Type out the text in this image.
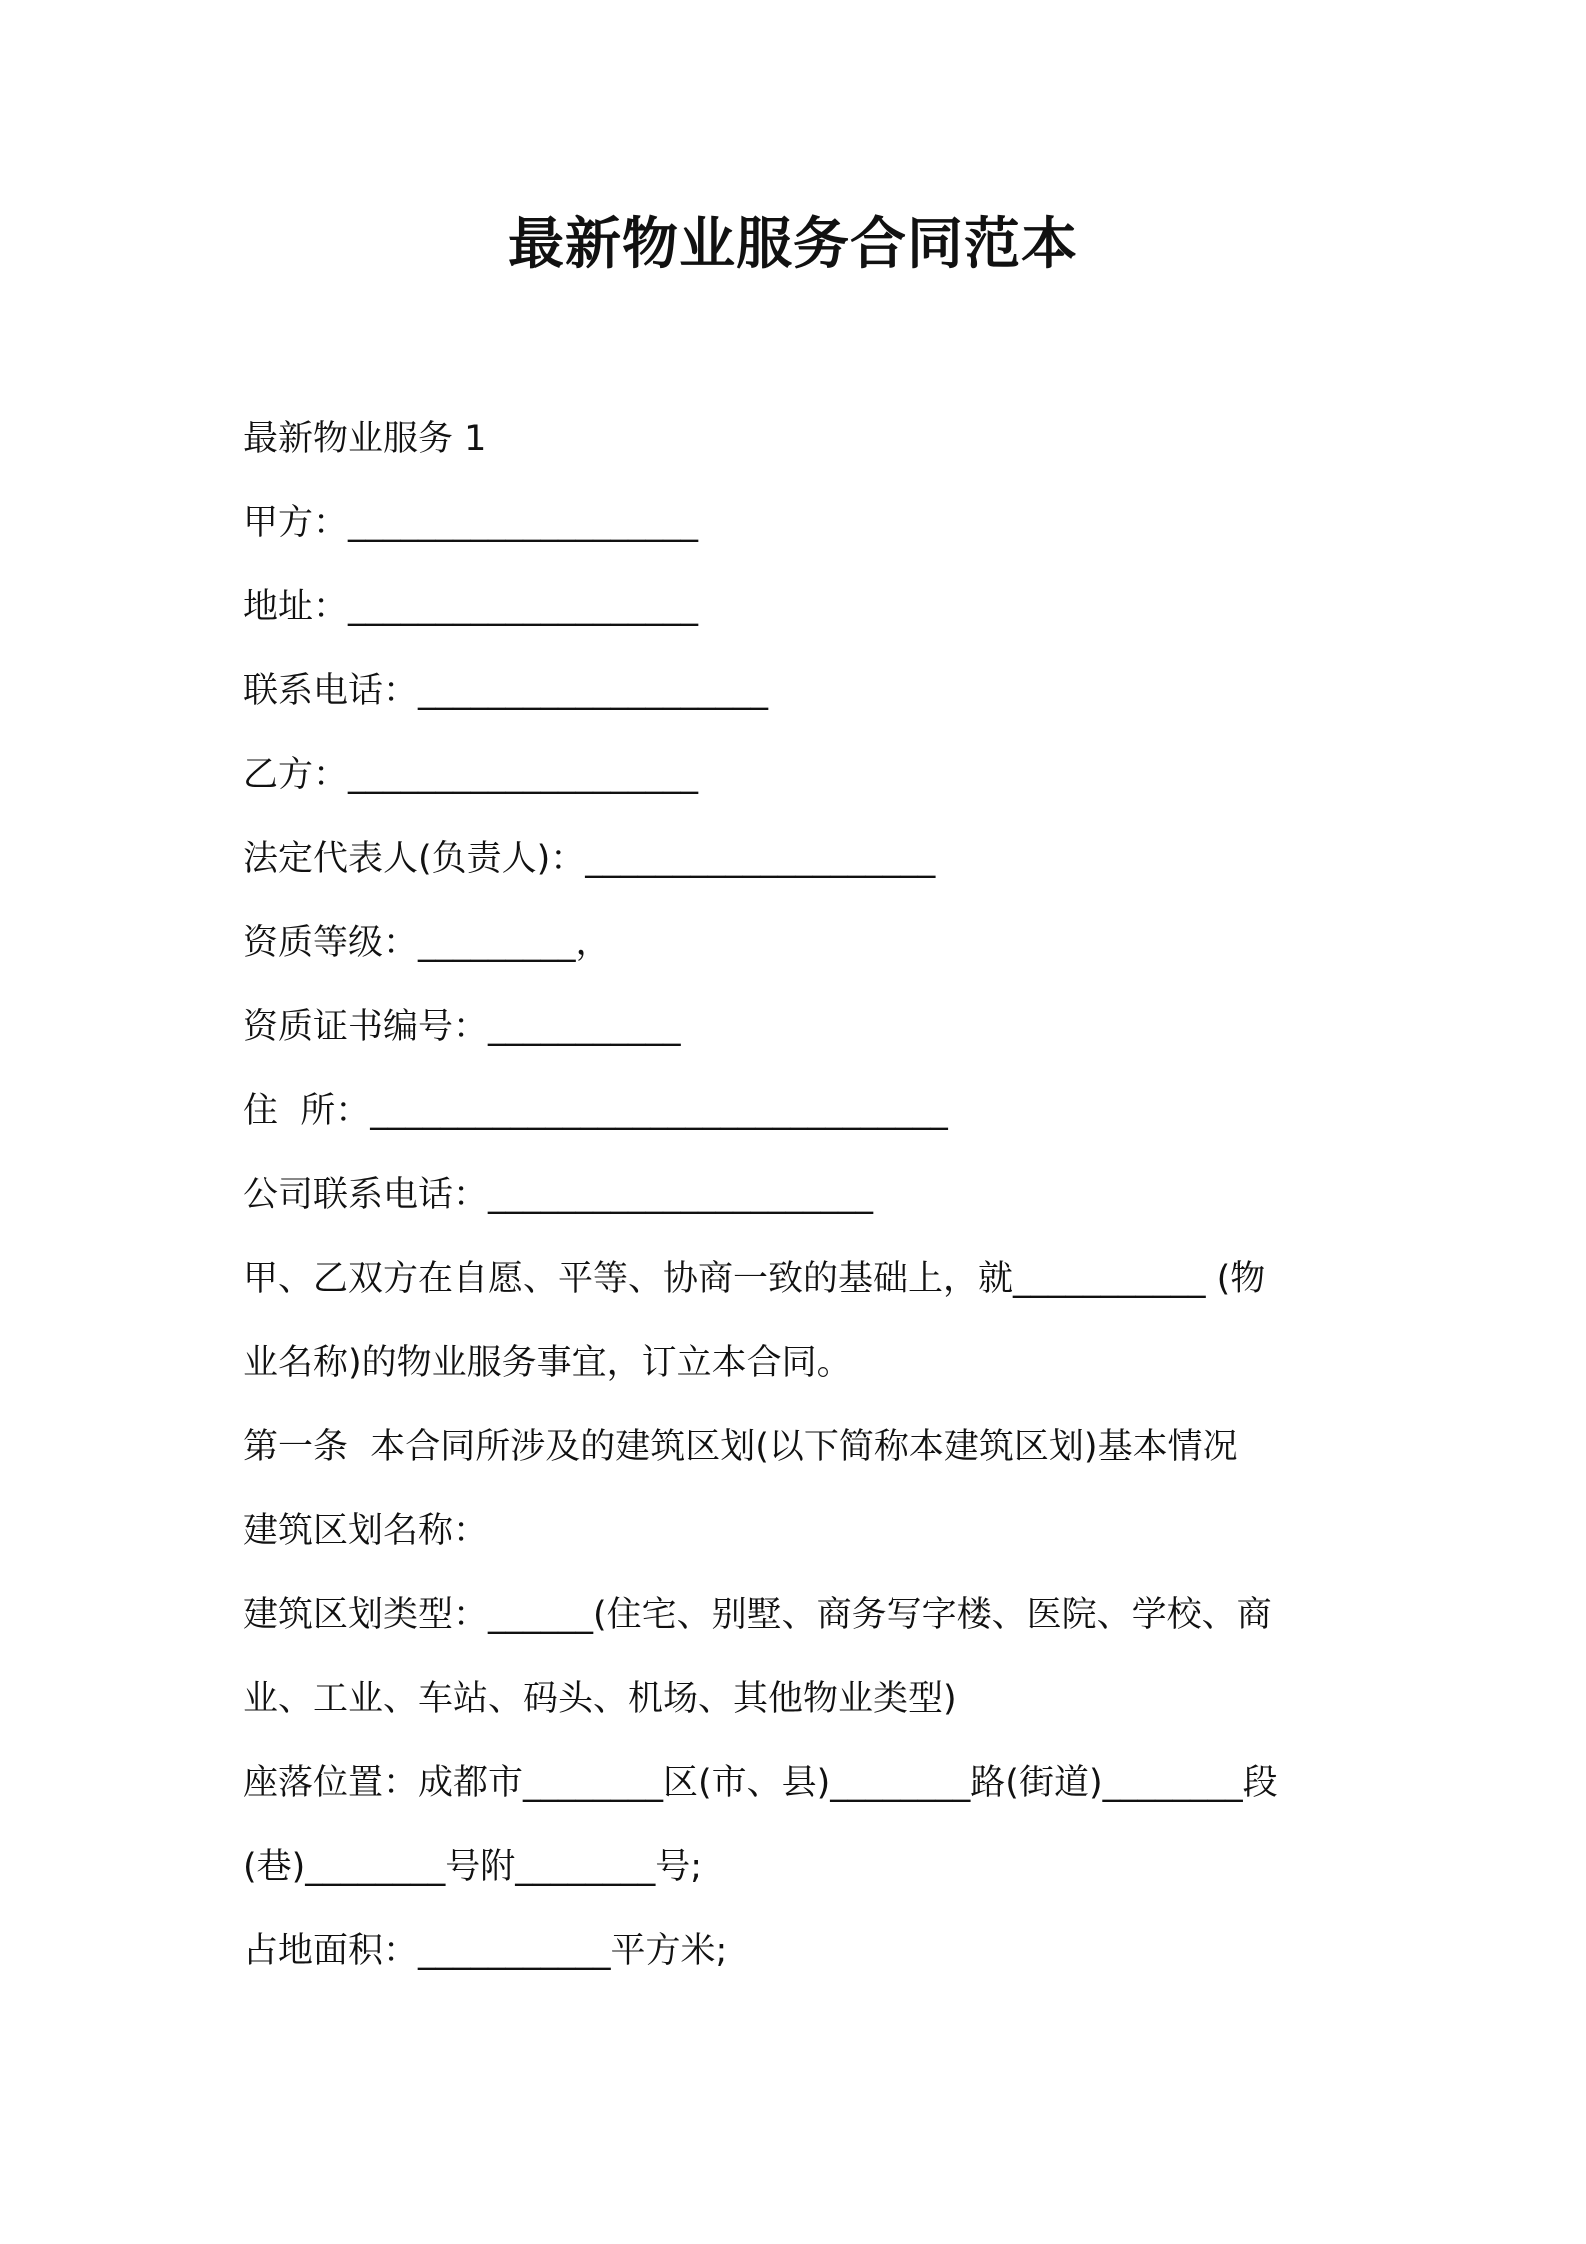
最新物业服务合同范本

最新物业服务 1

甲方：____________________

地址：____________________

联系电话：____________________

乙方：____________________

法定代表人(负责人)：____________________

资质等级：_________，

资质证书编号：___________

住  所：_________________________________

公司联系电话：______________________

甲、乙双方在自愿、平等、协商一致的基础上，就___________ (物

业名称)的物业服务事宜，订立本合同。

第一条  本合同所涉及的建筑区划(以下简称本建筑区划)基本情况

建筑区划名称：

建筑区划类型：______(住宅、别墅、商务写字楼、医院、学校、商

业、工业、车站、码头、机场、其他物业类型)

座落位置：成都市________区(市、县)________路(街道)________段

(巷)________号附________号;

占地面积：___________平方米;
